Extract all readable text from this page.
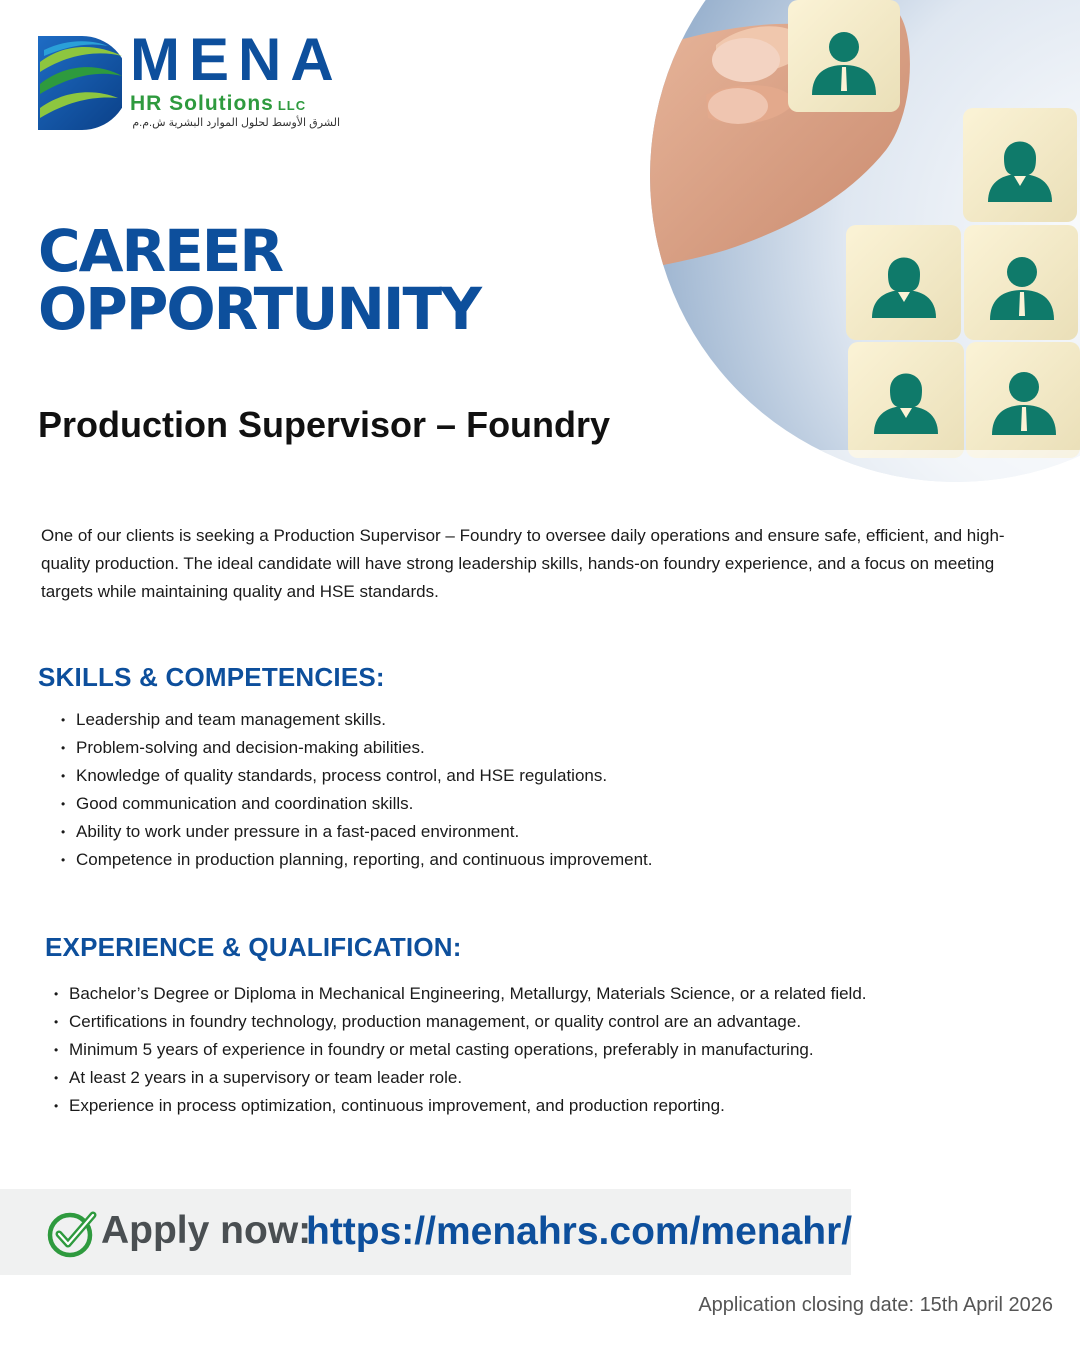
MENA
HR Solutions LLC
الشرق الأوسط لحلول الموارد البشرية ش.م.م
CAREER
OPPORTUNITY
Production Supervisor – Foundry

One of our clients is seeking a Production Supervisor – Foundry to oversee daily operations and ensure safe, efficient, and high-quality production. The ideal candidate will have strong leadership skills, hands-on foundry experience, and a focus on meeting targets while maintaining quality and HSE standards.

SKILLS & COMPETENCIES:
• Leadership and team management skills.
• Problem-solving and decision-making abilities.
• Knowledge of quality standards, process control, and HSE regulations.
• Good communication and coordination skills.
• Ability to work under pressure in a fast-paced environment.
• Competence in production planning, reporting, and continuous improvement.
EXPERIENCE & QUALIFICATION:
• Bachelor’s Degree or Diploma in Mechanical Engineering, Metallurgy, Materials Science, or a related field.
• Certifications in foundry technology, production management, or quality control are an advantage.
• Minimum 5 years of experience in foundry or metal casting operations, preferably in manufacturing.
• At least 2 years in a supervisory or team leader role.
• Experience in process optimization, continuous improvement, and production reporting.
Apply now:
https://menahrs.com/menahr/
Application closing date: 15th April 2026
